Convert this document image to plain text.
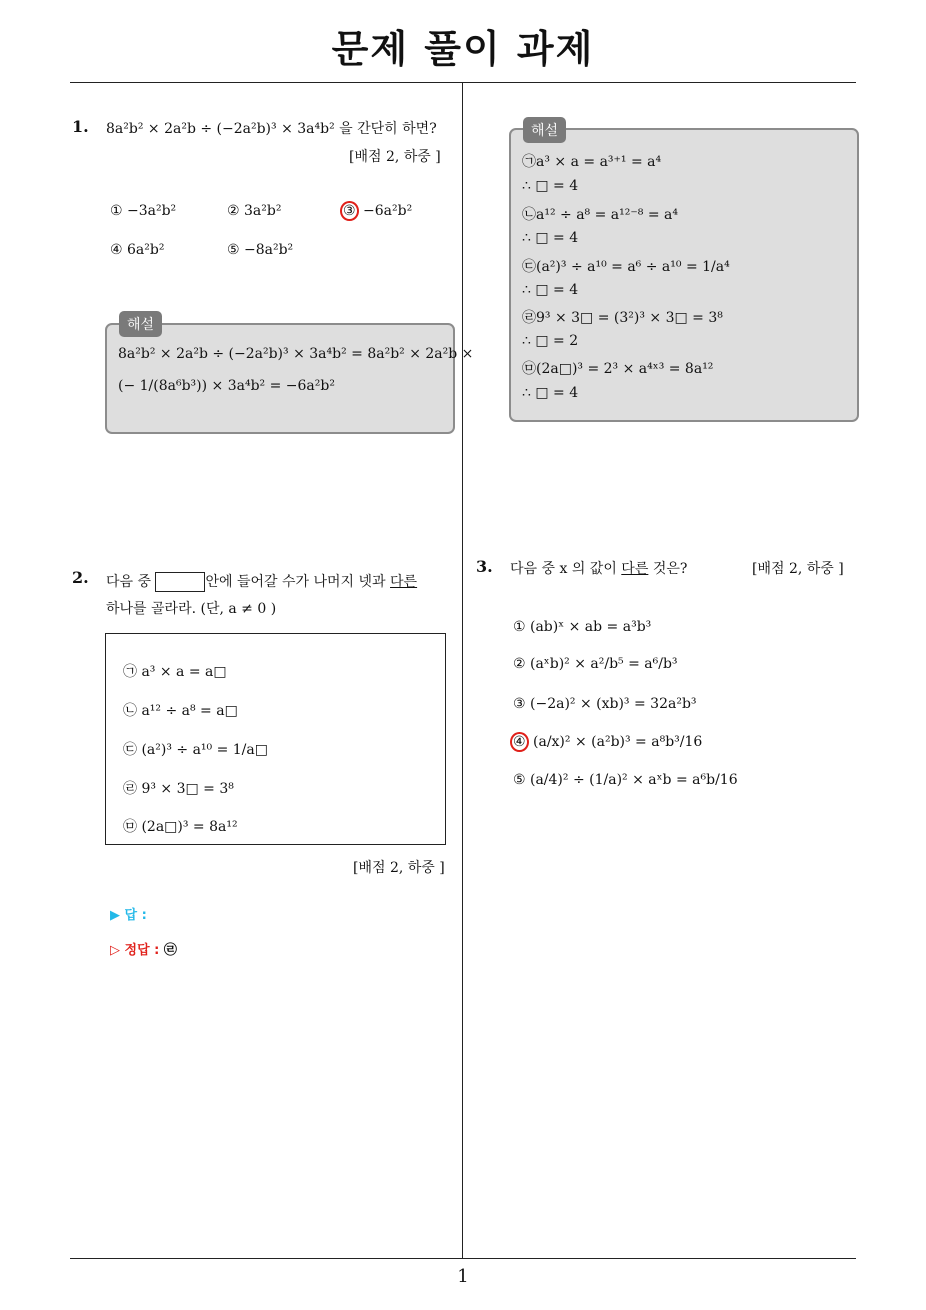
문제 풀이 과제
1. 8a²b² × 2a²b ÷ (−2a²b)³ × 3a⁴b² 을 간단히 하면?
[배점 2, 하중 ]
① −3a²b²	② 3a²b²	③ −6a²b²
④ 6a²b²	⑤ −8a²b²
해설
8a²b² × 2a²b ÷ (−2a²b)³ × 3a⁴b² = 8a²b² × 2a²b ×
(− 1/(8a⁶b³)) × 3a⁴b² = −6a²b²
해설
㉠a³ × a = a³⁺¹ = a⁴
∴ □ = 4
㉡a¹² ÷ a⁸ = a¹²⁻⁸ = a⁴
∴ □ = 4
㉢(a²)³ ÷ a¹⁰ = a⁶ ÷ a¹⁰ = 1/a⁴
∴ □ = 4
㉣9³ × 3□ = (3²)³ × 3□ = 3⁸
∴ □ = 2
㉤(2a□)³ = 2³ × a⁴ˣ³ = 8a¹²
∴ □ = 4
2. 다음 중	안에 들어갈 수가 나머지 넷과 다른
하나를 골라라. (단, a ≠ 0 )
㉠ a³ × a = a□
㉡ a¹² ÷ a⁸ = a□
㉢ (a²)³ ÷ a¹⁰ = 1/a□
㉣ 9³ × 3□ = 3⁸
㉤ (2a□)³ = 8a¹²
[배점 2, 하중 ]
▶ 답 :
▷ 정답 : ㉣
3. 다음 중 x 의 값이 다른 것은?	[배점 2, 하중 ]
① (ab)ˣ × ab = a³b³
② (aˣb)² × a²/b⁵ = a⁶/b³
③ (−2a)² × (xb)³ = 32a²b³
④ (a/x)² × (a²b)³ = a⁸b³/16
⑤ (a/4)² ÷ (1/a)² × aˣb = a⁶b/16
1
